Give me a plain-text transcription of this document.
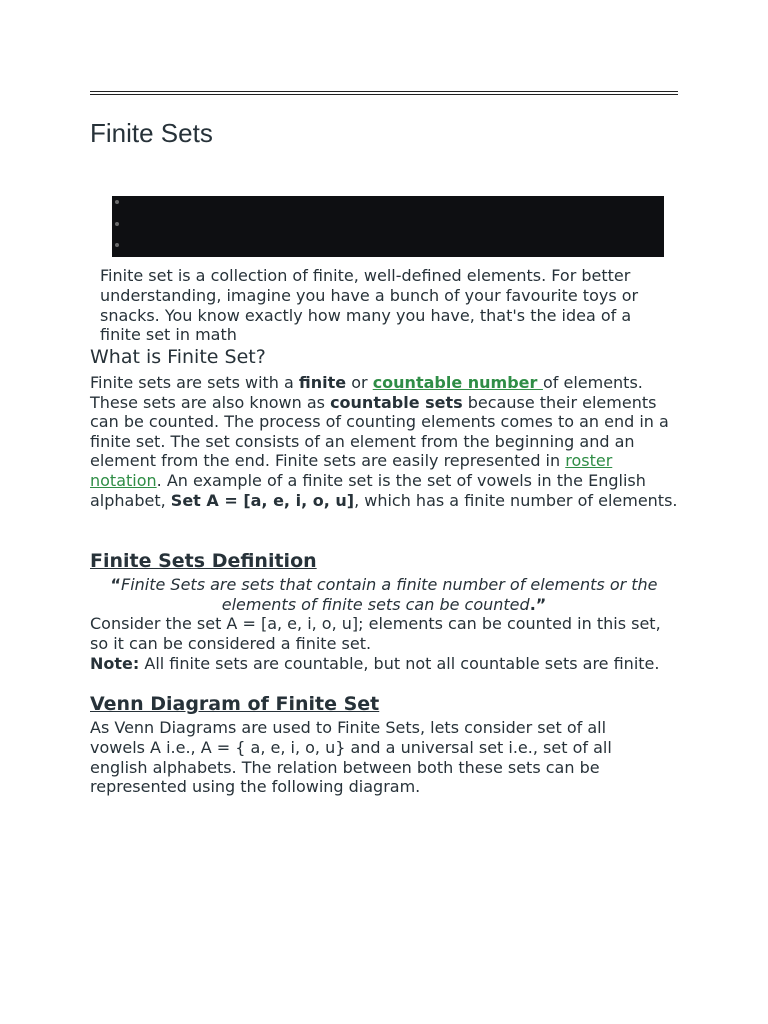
Finite Sets

Finite set is a collection of finite, well-defined elements. For better understanding, imagine you have a bunch of your favourite toys or snacks. You know exactly how many you have, that's the idea of a finite set in math

What is Finite Set?

Finite sets are sets with a finite or countable number of elements. These sets are also known as countable sets because their elements can be counted. The process of counting elements comes to an end in a finite set. The set consists of an element from the beginning and an element from the end. Finite sets are easily represented in roster notation. An example of a finite set is the set of vowels in the English alphabet, Set A = [a, e, i, o, u], which has a finite number of elements.

Finite Sets Definition

“Finite Sets are sets that contain a finite number of elements or the elements of finite sets can be counted.”

Consider the set A = [a, e, i, o, u]; elements can be counted in this set, so it can be considered a finite set.
Note: All finite sets are countable, but not all countable sets are finite.

Venn Diagram of Finite Set

As Venn Diagrams are used to Finite Sets, lets consider set of all vowels A i.e., A = { a, e, i, o, u} and a universal set i.e., set of all english alphabets. The relation between both these sets can be represented using the following diagram.
